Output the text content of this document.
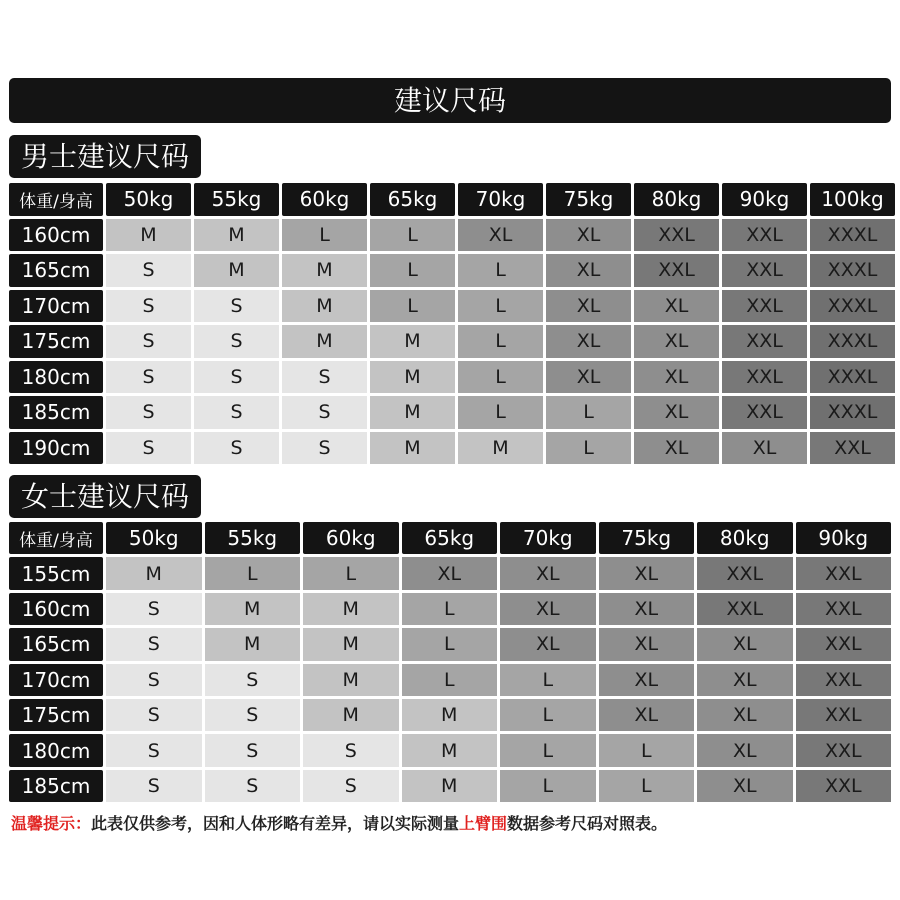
建议尺码
男士建议尺码
体重/身高	50kg	55kg	60kg	65kg	70kg	75kg	80kg	90kg	100kg
160cm	M	M	L	L	XL	XL	XXL	XXL	XXXL
165cm	S	M	M	L	L	XL	XXL	XXL	XXXL
170cm	S	S	M	L	L	XL	XL	XXL	XXXL
175cm	S	S	M	M	L	XL	XL	XXL	XXXL
180cm	S	S	S	M	L	XL	XL	XXL	XXXL
185cm	S	S	S	M	L	L	XL	XXL	XXXL
190cm	S	S	S	M	M	L	XL	XL	XXL
女士建议尺码
体重/身高	50kg	55kg	60kg	65kg	70kg	75kg	80kg	90kg
155cm	M	L	L	XL	XL	XL	XXL	XXL
160cm	S	M	M	L	XL	XL	XXL	XXL
165cm	S	M	M	L	XL	XL	XL	XXL
170cm	S	S	M	L	L	XL	XL	XXL
175cm	S	S	M	M	L	XL	XL	XXL
180cm	S	S	S	M	L	L	XL	XXL
185cm	S	S	S	M	L	L	XL	XXL
温馨提示：此表仅供参考，因和人体形略有差异，请以实际测量上臂围数据参考尺码对照表。
